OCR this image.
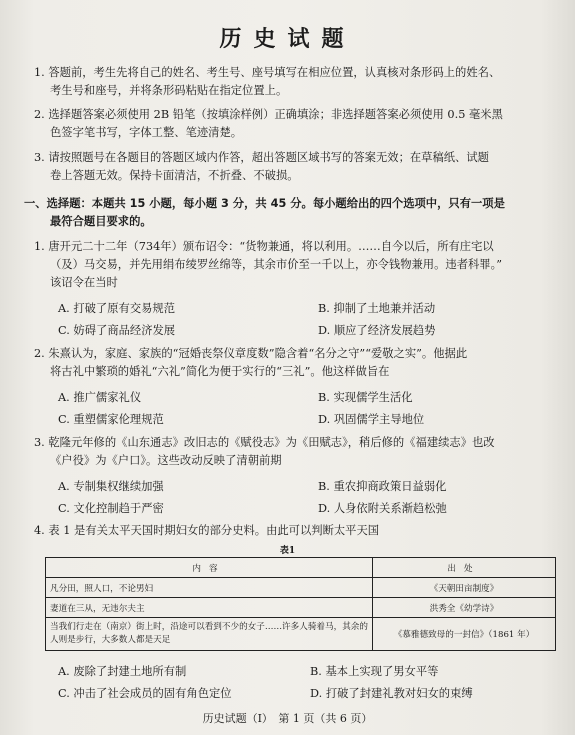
历史试题
1. 答题前，考生先将自己的姓名、考生号、座号填写在相应位置，认真核对条形码上的姓名、
考生号和座号，并将条形码粘贴在指定位置上。
2. 选择题答案必须使用 2B 铅笔（按填涂样例）正确填涂；非选择题答案必须使用 0.5 毫米黑
色签字笔书写，字体工整、笔迹清楚。
3. 请按照题号在各题目的答题区域内作答，超出答题区域书写的答案无效；在草稿纸、试题
卷上答题无效。保持卡面清洁，不折叠、不破损。
一、选择题：本题共 15 小题，每小题 3 分，共 45 分。每小题给出的四个选项中，只有一项是
最符合题目要求的。
1. 唐开元二十二年（734年）颁布诏令：“货物兼通，将以利用。……自今以后，所有庄宅以
（及）马交易，并先用绢布绫罗丝绵等，其余市价至一千以上，亦令钱物兼用。违者科罪。”
该诏令在当时
A. 打破了原有交易规范	B. 抑制了土地兼并活动
C. 妨碍了商品经济发展	D. 顺应了经济发展趋势
2. 朱熹认为，家庭、家族的“冠婚丧祭仪章度数”隐含着“名分之守”“爱敬之实”。他据此
将古礼中繁琐的婚礼“六礼”简化为便于实行的“三礼”。他这样做旨在
A. 推广儒家礼仪	B. 实现儒学生活化
C. 重塑儒家伦理规范	D. 巩固儒学主导地位
3. 乾隆元年修的《山东通志》改旧志的《赋役志》为《田赋志》，稍后修的《福建续志》也改
《户役》为《户口》。这些改动反映了清朝前期
A. 专制集权继续加强	B. 重农抑商政策日益弱化
C. 文化控制趋于严密	D. 人身依附关系渐趋松弛
4. 表 1 是有关太平天国时期妇女的部分史料。由此可以判断太平天国
表1
内容	出处
凡分田，照人口，不论男妇	《天朝田亩制度》
妻道在三从，无违尔夫主	洪秀全《幼学诗》
当我们行走在（南京）街上时，沿途可以看到不少的女子……许多人骑着马，其余的人则是步行，大多数人都是天足	《慕雅德致母的一封信》（1861 年）
A. 废除了封建土地所有制	B. 基本上实现了男女平等
C. 冲击了社会成员的固有角色定位	D. 打破了封建礼教对妇女的束缚
历史试题（Ⅰ）　第 1 页（共 6 页）
